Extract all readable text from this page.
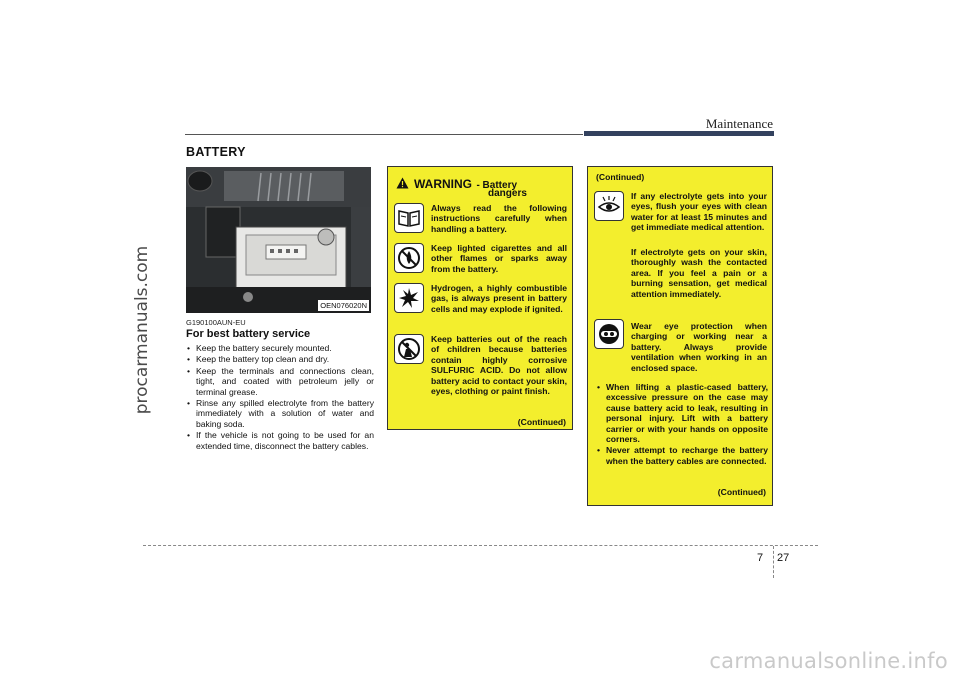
procarmanuals.com
carmanualsonline.info
Maintenance
BATTERY
OEN076020N
G190100AUN-EU
For best battery service
• Keep the battery securely mounted.
• Keep the battery top clean and dry.
• Keep the terminals and connections clean, tight, and coated with petroleum jelly or terminal grease.
• Rinse any spilled electrolyte from the battery immediately with a solution of water and baking soda.
• If the vehicle is not going to be used for an extended time, disconnect the battery cables.
WARNING - Battery
dangers
Always read the following instructions carefully when handling a battery.
Keep lighted cigarettes and all other flames or sparks away from the battery.
Hydrogen, a highly combustible gas, is always present in battery cells and may explode if ignited.
Keep batteries out of the reach of children because batteries contain highly corrosive SULFURIC ACID. Do not allow battery acid to contact your skin, eyes, clothing or paint finish.
(Continued)
(Continued)
If any electrolyte gets into your eyes, flush your eyes with clean water for at least 15 minutes and get immediate medical attention.
If electrolyte gets on your skin, thoroughly wash the contacted area. If you feel a pain or a burning sensation, get medical attention immediately.
Wear eye protection when charging or working near a battery. Always provide ventilation when working in an enclosed space.
• When lifting a plastic-cased battery, excessive pressure on the case may cause battery acid to leak, resulting in personal injury. Lift with a battery carrier or with your hands on opposite corners.
• Never attempt to recharge the battery when the battery cables are connected.
(Continued)
7 27
